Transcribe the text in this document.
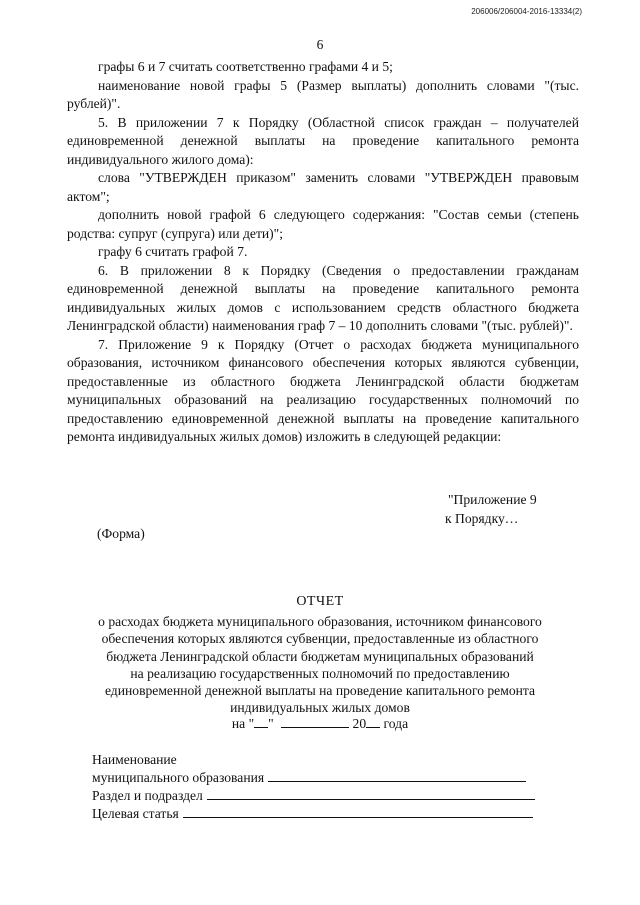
206006/206004-2016-13334(2)
6

графы 6 и 7 считать соответственно графами 4 и 5;

наименование новой графы 5 (Размер выплаты) дополнить словами "(тыс. рублей)".

5. В приложении 7 к Порядку (Областной список граждан – получателей единовременной денежной выплаты на проведение капитального ремонта индивидуального жилого дома):

слова "УТВЕРЖДЕН приказом" заменить словами "УТВЕРЖДЕН правовым актом";

дополнить новой графой 6 следующего содержания: "Состав семьи (степень родства: супруг (супруга) или дети)";

графу 6 считать графой 7.

6. В приложении 8 к Порядку (Сведения о предоставлении гражданам единовременной денежной выплаты на проведение капитального ремонта индивидуальных жилых домов с использованием средств областного бюджета Ленинградской области) наименования граф 7 – 10 дополнить словами "(тыс. рублей)".

7. Приложение 9 к Порядку (Отчет о расходах бюджета муниципального образования, источником финансового обеспечения которых являются субвенции, предоставленные из областного бюджета Ленинградской области бюджетам муниципальных образований на реализацию государственных полномочий по предоставлению единовременной денежной выплаты на проведение капитального ремонта индивидуальных жилых домов) изложить в следующей редакции:

"Приложение 9
к Порядку…
(Форма)
ОТЧЕТ
о расходах бюджета муниципального образования, источником финансового
обеспечения которых являются субвенции, предоставленные из областного
бюджета Ленинградской области бюджетам муниципальных образований
на реализацию государственных полномочий по предоставлению
единовременной денежной выплаты на проведение капитального ремонта
индивидуальных жилых домов
на " "	20 года
Наименование
муниципального образования
Раздел и подраздел
Целевая статья
